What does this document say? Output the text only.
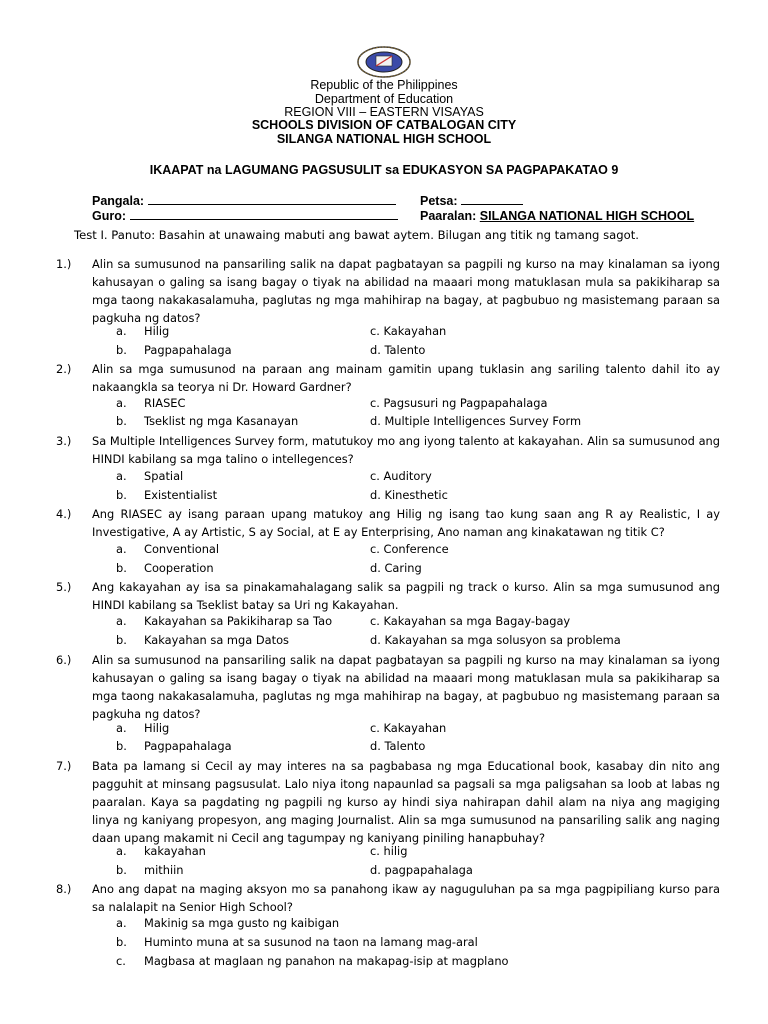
Republic of the Philippines
Department of Education
REGION VIII – EASTERN VISAYAS
SCHOOLS DIVISION OF CATBALOGAN CITY
SILANGA NATIONAL HIGH SCHOOL
IKAAPAT na LAGUMANG PAGSUSULIT sa EDUKASYON SA PAGPAPAKATAO 9
Pangala:	Petsa:
Guro:	Paaralan: SILANGA NATIONAL HIGH SCHOOL
Test I. Panuto: Basahin at unawaing mabuti ang bawat aytem. Bilugan ang titik ng tamang sagot.
1.)	Alin sa sumusunod na pansariling salik na dapat pagbatayan sa pagpili ng kurso na may kinalaman sa iyong kahusayan o galing sa isang bagay o tiyak na abilidad na maaari mong matuklasan mula sa pakikiharap sa mga taong nakakasalamuha, paglutas ng mga mahihirap na bagay, at pagbubuo ng masistemang paraan sa pagkuha ng datos?
a. Hilig
b. Pagpapahalaga
c. Kakayahan
d. Talento
2.)	Alin sa mga sumusunod na paraan ang mainam gamitin upang tuklasin ang sariling talento dahil ito ay nakaangkla sa teorya ni Dr. Howard Gardner?
a. RIASEC
b. Tseklist ng mga Kasanayan
c. Pagsusuri ng Pagpapahalaga
d. Multiple Intelligences Survey Form
3.)	Sa Multiple Intelligences Survey form, matutukoy mo ang iyong talento at kakayahan. Alin sa sumusunod ang HINDI kabilang sa mga talino o intellegences?
a. Spatial
b. Existentialist
c. Auditory
d. Kinesthetic
4.)	Ang RIASEC ay isang paraan upang matukoy ang Hilig ng isang tao kung saan ang R ay Realistic, I ay Investigative, A ay Artistic, S ay Social, at E ay Enterprising, Ano naman ang kinakatawan ng titik C?
a. Conventional
b. Cooperation
c. Conference
d. Caring
5.)	Ang kakayahan ay isa sa pinakamahalagang salik sa pagpili ng track o kurso. Alin sa mga sumusunod ang HINDI kabilang sa Tseklist batay sa Uri ng Kakayahan.
a. Kakayahan sa Pakikiharap sa Tao
b. Kakayahan sa mga Datos
c. Kakayahan sa mga Bagay-bagay
d. Kakayahan sa mga solusyon sa problema
6.)	Alin sa sumusunod na pansariling salik na dapat pagbatayan sa pagpili ng kurso na may kinalaman sa iyong kahusayan o galing sa isang bagay o tiyak na abilidad na maaari mong matuklasan mula sa pakikiharap sa mga taong nakakasalamuha, paglutas ng mga mahihirap na bagay, at pagbubuo ng masistemang paraan sa pagkuha ng datos?
a. Hilig
b. Pagpapahalaga
c. Kakayahan
d. Talento
7.)	Bata pa lamang si Cecil ay may interes na sa pagbabasa ng mga Educational book, kasabay din nito ang pagguhit at minsang pagsusulat. Lalo niya itong napaunlad sa pagsali sa mga paligsahan sa loob at labas ng paaralan. Kaya sa pagdating ng pagpili ng kurso ay hindi siya nahirapan dahil alam na niya ang magiging linya ng kaniyang propesyon, ang maging Journalist. Alin sa mga sumusunod na pansariling salik ang naging daan upang makamit ni Cecil ang tagumpay ng kaniyang piniling hanapbuhay?
a. kakayahan
b. mithiin
c. hilig
d. pagpapahalaga
8.)	Ano ang dapat na maging aksyon mo sa panahong ikaw ay naguguluhan pa sa mga pagpipiliang kurso para sa nalalapit na Senior High School?
a. Makinig sa mga gusto ng kaibigan
b. Huminto muna at sa susunod na taon na lamang mag-aral
c. Magbasa at maglaan ng panahon na makapag-isip at magplano
